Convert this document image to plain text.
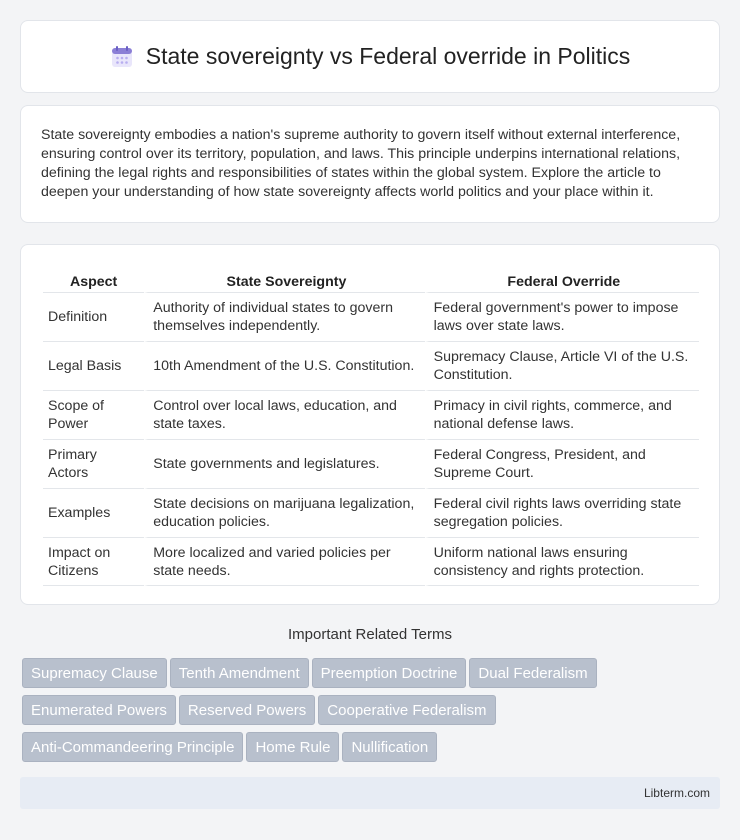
State sovereignty vs Federal override in Politics

State sovereignty embodies a nation's supreme authority to govern itself without external interference, ensuring control over its territory, population, and laws. This principle underpins international relations, defining the legal rights and responsibilities of states within the global system. Explore the article to deepen your understanding of how state sovereignty affects world politics and your place within it.

Aspect	State Sovereignty	Federal Override
Definition	Authority of individual states to govern themselves independently.	Federal government's power to impose laws over state laws.
Legal Basis	10th Amendment of the U.S. Constitution.	Supremacy Clause, Article VI of the U.S. Constitution.
Scope of Power	Control over local laws, education, and state taxes.	Primacy in civil rights, commerce, and national defense laws.
Primary Actors	State governments and legislatures.	Federal Congress, President, and Supreme Court.
Examples	State decisions on marijuana legalization, education policies.	Federal civil rights laws overriding state segregation policies.
Impact on Citizens	More localized and varied policies per state needs.	Uniform national laws ensuring consistency and rights protection.
Important Related Terms
Supremacy Clause Tenth Amendment Preemption Doctrine Dual Federalism
Enumerated Powers Reserved Powers Cooperative Federalism
Anti-Commandeering Principle Home Rule Nullification
Libterm.com
